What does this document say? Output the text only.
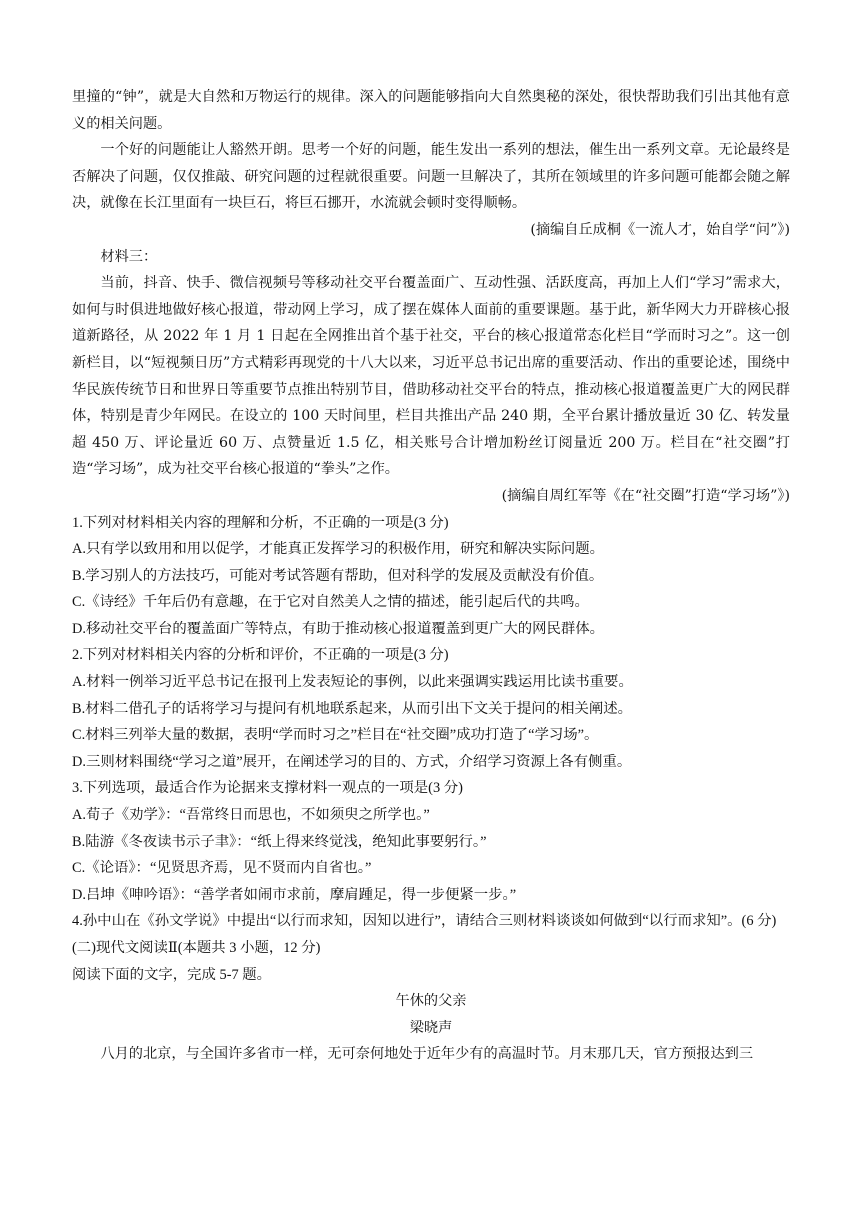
里撞的“钟”，就是大自然和万物运行的规律。深入的问题能够指向大自然奥秘的深处，很快帮助我们引出其他有意义的相关问题。

一个好的问题能让人豁然开朗。思考一个好的问题，能生发出一系列的想法，催生出一系列文章。无论最终是否解决了问题，仅仅推敲、研究问题的过程就很重要。问题一旦解决了，其所在领域里的许多问题可能都会随之解决，就像在长江里面有一块巨石，将巨石挪开，水流就会顿时变得顺畅。

(摘编自丘成桐《一流人才，始自学“问”》)

材料三：

当前，抖音、快手、微信视频号等移动社交平台覆盖面广、互动性强、活跃度高，再加上人们“学习”需求大，如何与时俱进地做好核心报道，带动网上学习，成了摆在媒体人面前的重要课题。基于此，新华网大力开辟核心报道新路径，从 2022 年 1 月 1 日起在全网推出首个基于社交，平台的核心报道常态化栏目“学而时习之”。这一创新栏目，以“短视频日历”方式精彩再现党的十八大以来，习近平总书记出席的重要活动、作出的重要论述，围绕中华民族传统节日和世界日等重要节点推出特别节目，借助移动社交平台的特点，推动核心报道覆盖更广大的网民群体，特别是青少年网民。在设立的 100 天时间里，栏目共推出产品 240 期，全平台累计播放量近 30 亿、转发量超 450 万、评论量近 60 万、点赞量近 1.5 亿，相关账号合计增加粉丝订阅量近 200 万。栏目在“社交圈”打造“学习场”，成为社交平台核心报道的“拳头”之作。

(摘编自周红军等《在“社交圈”打造“学习场”》)

1.下列对材料相关内容的理解和分析，不正确的一项是(3 分)

A.只有学以致用和用以促学，才能真正发挥学习的积极作用，研究和解决实际问题。

B.学习别人的方法技巧，可能对考试答题有帮助，但对科学的发展及贡献没有价值。

C.《诗经》千年后仍有意趣，在于它对自然美人之情的描述，能引起后代的共鸣。

D.移动社交平台的覆盖面广等特点，有助于推动核心报道覆盖到更广大的网民群体。

2.下列对材料相关内容的分析和评价，不正确的一项是(3 分)

A.材料一例举习近平总书记在报刊上发表短论的事例，以此来强调实践运用比读书重要。

B.材料二借孔子的话将学习与提问有机地联系起来，从而引出下文关于提问的相关阐述。

C.材料三列举大量的数据，表明“学而时习之”栏目在“社交圈”成功打造了“学习场”。

D.三则材料围绕“学习之道”展开，在阐述学习的目的、方式，介绍学习资源上各有侧重。

3.下列选项，最适合作为论据来支撑材料一观点的一项是(3 分)

A.荀子《劝学》：“吾常终日而思也，不如须臾之所学也。”

B.陆游《冬夜读书示子聿》：“纸上得来终觉浅，绝知此事要躬行。”

C.《论语》：“见贤思齐焉，见不贤而内自省也。”

D.吕坤《呻吟语》：“善学者如闹市求前，摩肩踵足，得一步便紧一步。”

4.孙中山在《孙文学说》中提出“以行而求知，因知以进行”，请结合三则材料谈谈如何做到“以行而求知”。(6 分)

(二)现代文阅读Ⅱ(本题共 3 小题，12 分)

阅读下面的文字，完成 5-7 题。

午休的父亲

梁晓声

八月的北京，与全国许多省市一样，无可奈何地处于近年少有的高温时节。月末那几天，官方预报达到三
